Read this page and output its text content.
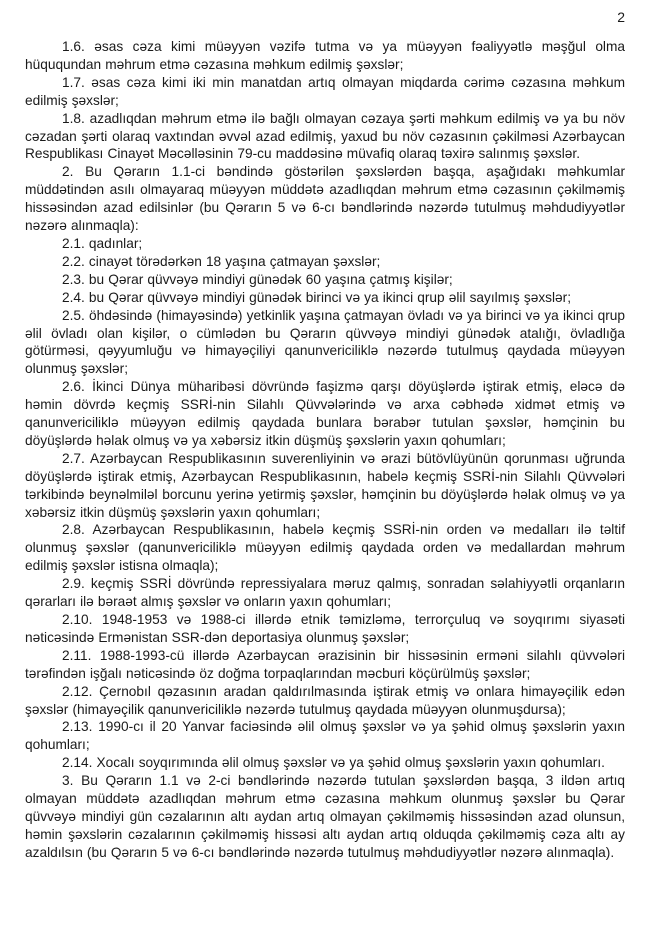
2

1.6. əsas cəza kimi müəyyən vəzifə tutma və ya müəyyən fəaliyyətlə məşğul olma hüququndan məhrum etmə cəzasına məhkum edilmiş şəxslər;

1.7. əsas cəza kimi iki min manatdan artıq olmayan miqdarda cərimə cəzasına məhkum edilmiş şəxslər;

1.8. azadlıqdan məhrum etmə ilə bağlı olmayan cəzaya şərti məhkum edilmiş və ya bu növ cəzadan şərti olaraq vaxtından əvvəl azad edilmiş, yaxud bu növ cəzasının çəkilməsi Azərbaycan Respublikası Cinayət Məcəlləsinin 79-cu maddəsinə müvafiq olaraq təxirə salınmış şəxslər.

2. Bu Qərarın 1.1-ci bəndində göstərilən şəxslərdən başqa, aşağıdakı məhkumlar müddətindən asılı olmayaraq müəyyən müddətə azadlıqdan məhrum etmə cəzasının çəkilməmiş hissəsindən azad edilsinlər (bu Qərarın 5 və 6-cı bəndlərində nəzərdə tutulmuş məhdudiyyətlər nəzərə alınmaqla):

2.1. qadınlar;

2.2. cinayət törədərkən 18 yaşına çatmayan şəxslər;

2.3. bu Qərar qüvvəyə mindiyi günədək 60 yaşına çatmış kişilər;

2.4. bu Qərar qüvvəyə mindiyi günədək birinci və ya ikinci qrup əlil sayılmış şəxslər;

2.5. öhdəsində (himayəsində) yetkinlik yaşına çatmayan övladı və ya birinci və ya ikinci qrup əlil övladı olan kişilər, o cümlədən bu Qərarın qüvvəyə mindiyi günədək atalığı, övladlığa götürməsi, qəyyumluğu və himayəçiliyi qanunvericiliklə nəzərdə tutulmuş qaydada müəyyən olunmuş şəxslər;

2.6. İkinci Dünya müharibəsi dövründə faşizmə qarşı döyüşlərdə iştirak etmiş, eləcə də həmin dövrdə keçmiş SSRİ-nin Silahlı Qüvvələrində və arxa cəbhədə xidmət etmiş və qanunvericiliklə müəyyən edilmiş qaydada bunlara bərabər tutulan şəxslər, həmçinin bu döyüşlərdə həlak olmuş və ya xəbərsiz itkin düşmüş şəxslərin yaxın qohumları;

2.7. Azərbaycan Respublikasının suverenliyinin və ərazi bütövlüyünün qorunması uğrunda döyüşlərdə iştirak etmiş, Azərbaycan Respublikasının, habelə keçmiş SSRİ-nin Silahlı Qüvvələri tərkibində beynəlmiləl borcunu yerinə yetirmiş şəxslər, həmçinin bu döyüşlərdə həlak olmuş və ya xəbərsiz itkin düşmüş şəxslərin yaxın qohumları;

2.8. Azərbaycan Respublikasının, habelə keçmiş SSRİ-nin orden və medalları ilə təltif olunmuş şəxslər (qanunvericiliklə müəyyən edilmiş qaydada orden və medallardan məhrum edilmiş şəxslər istisna olmaqla);

2.9. keçmiş SSRİ dövründə repressiyalara məruz qalmış, sonradan səlahiyyətli orqanların qərarları ilə bəraət almış şəxslər və onların yaxın qohumları;

2.10. 1948-1953 və 1988-ci illərdə etnik təmizləmə, terrorçuluq və soyqırımı siyasəti nəticəsində Ermənistan SSR-dən deportasiya olunmuş şəxslər;

2.11. 1988-1993-cü illərdə Azərbaycan ərazisinin bir hissəsinin erməni silahlı qüvvələri tərəfindən işğalı nəticəsində öz doğma torpaqlarından məcburi köçürülmüş şəxslər;

2.12. Çernobıl qəzasının aradan qaldırılmasında iştirak etmiş və onlara himayəçilik edən şəxslər (himayəçilik qanunvericiliklə nəzərdə tutulmuş qaydada müəyyən olunmuşdursa);

2.13. 1990-cı il 20 Yanvar faciəsində əlil olmuş şəxslər və ya şəhid olmuş şəxslərin yaxın qohumları;

2.14. Xocalı soyqırımında əlil olmuş şəxslər və ya şəhid olmuş şəxslərin yaxın qohumları.

3. Bu Qərarın 1.1 və 2-ci bəndlərində nəzərdə tutulan şəxslərdən başqa, 3 ildən artıq olmayan müddətə azadlıqdan məhrum etmə cəzasına məhkum olunmuş şəxslər bu Qərar qüvvəyə mindiyi gün cəzalarının altı aydan artıq olmayan çəkilməmiş hissəsindən azad olunsun, həmin şəxslərin cəzalarının çəkilməmiş hissəsi altı aydan artıq olduqda çəkilməmiş cəza altı ay azaldılsın (bu Qərarın 5 və 6-cı bəndlərində nəzərdə tutulmuş məhdudiyyətlər nəzərə alınmaqla).
